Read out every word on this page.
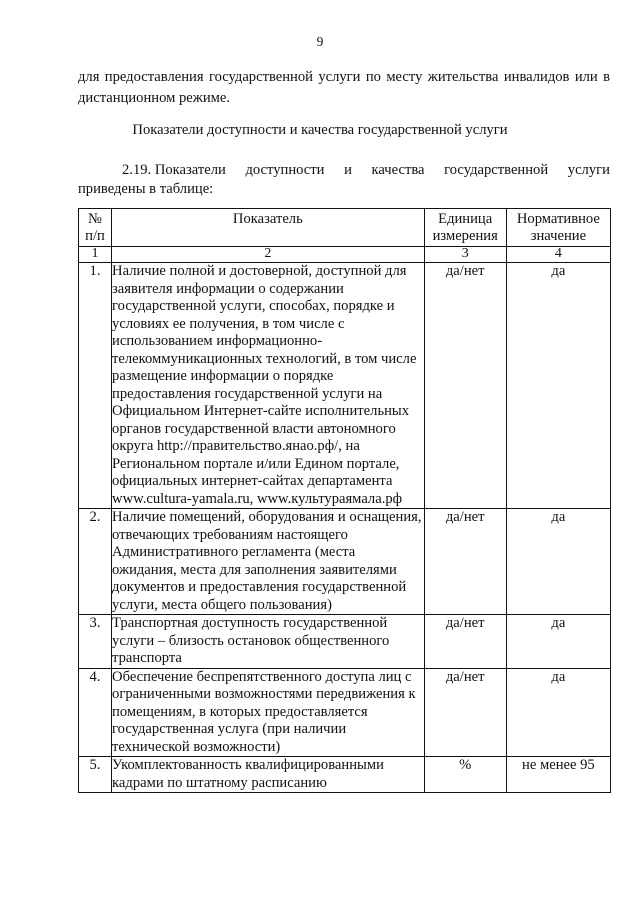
9
для предоставления государственной услуги по месту жительства инвалидов или в дистанционном режиме.
Показатели доступности и качества государственной услуги
2.19. Показатели доступности и качества государственной услуги
приведены в таблице:
№ п/п	Показатель	Единица измерения	Нормативное значение
1	2	3	4
1.	Наличие полной и достоверной, доступной для заявителя информации о содержании государственной услуги, способах, порядке и условиях ее получения, в том числе с использованием информационно-телекоммуникационных технологий, в том числе размещение информации о порядке предоставления государственной услуги на Официальном Интернет-сайте исполнительных органов государственной власти автономного округа http://правительство.янао.рф/, на Региональном портале и/или Едином портале, официальных интернет-сайтах департамента www.cultura-yamala.ru, www.культураямала.рф	да/нет	да
2.	Наличие помещений, оборудования и оснащения, отвечающих требованиям настоящего Административного регламента (места ожидания, места для заполнения заявителями документов и предоставления государственной услуги, места общего пользования)	да/нет	да
3.	Транспортная доступность государственной услуги – близость остановок общественного транспорта	да/нет	да
4.	Обеспечение беспрепятственного доступа лиц с ограниченными возможностями передвижения к помещениям, в которых предоставляется государственная услуга (при наличии технической возможности)	да/нет	да
5.	Укомплектованность квалифицированными кадрами по штатному расписанию	%	не менее 95
